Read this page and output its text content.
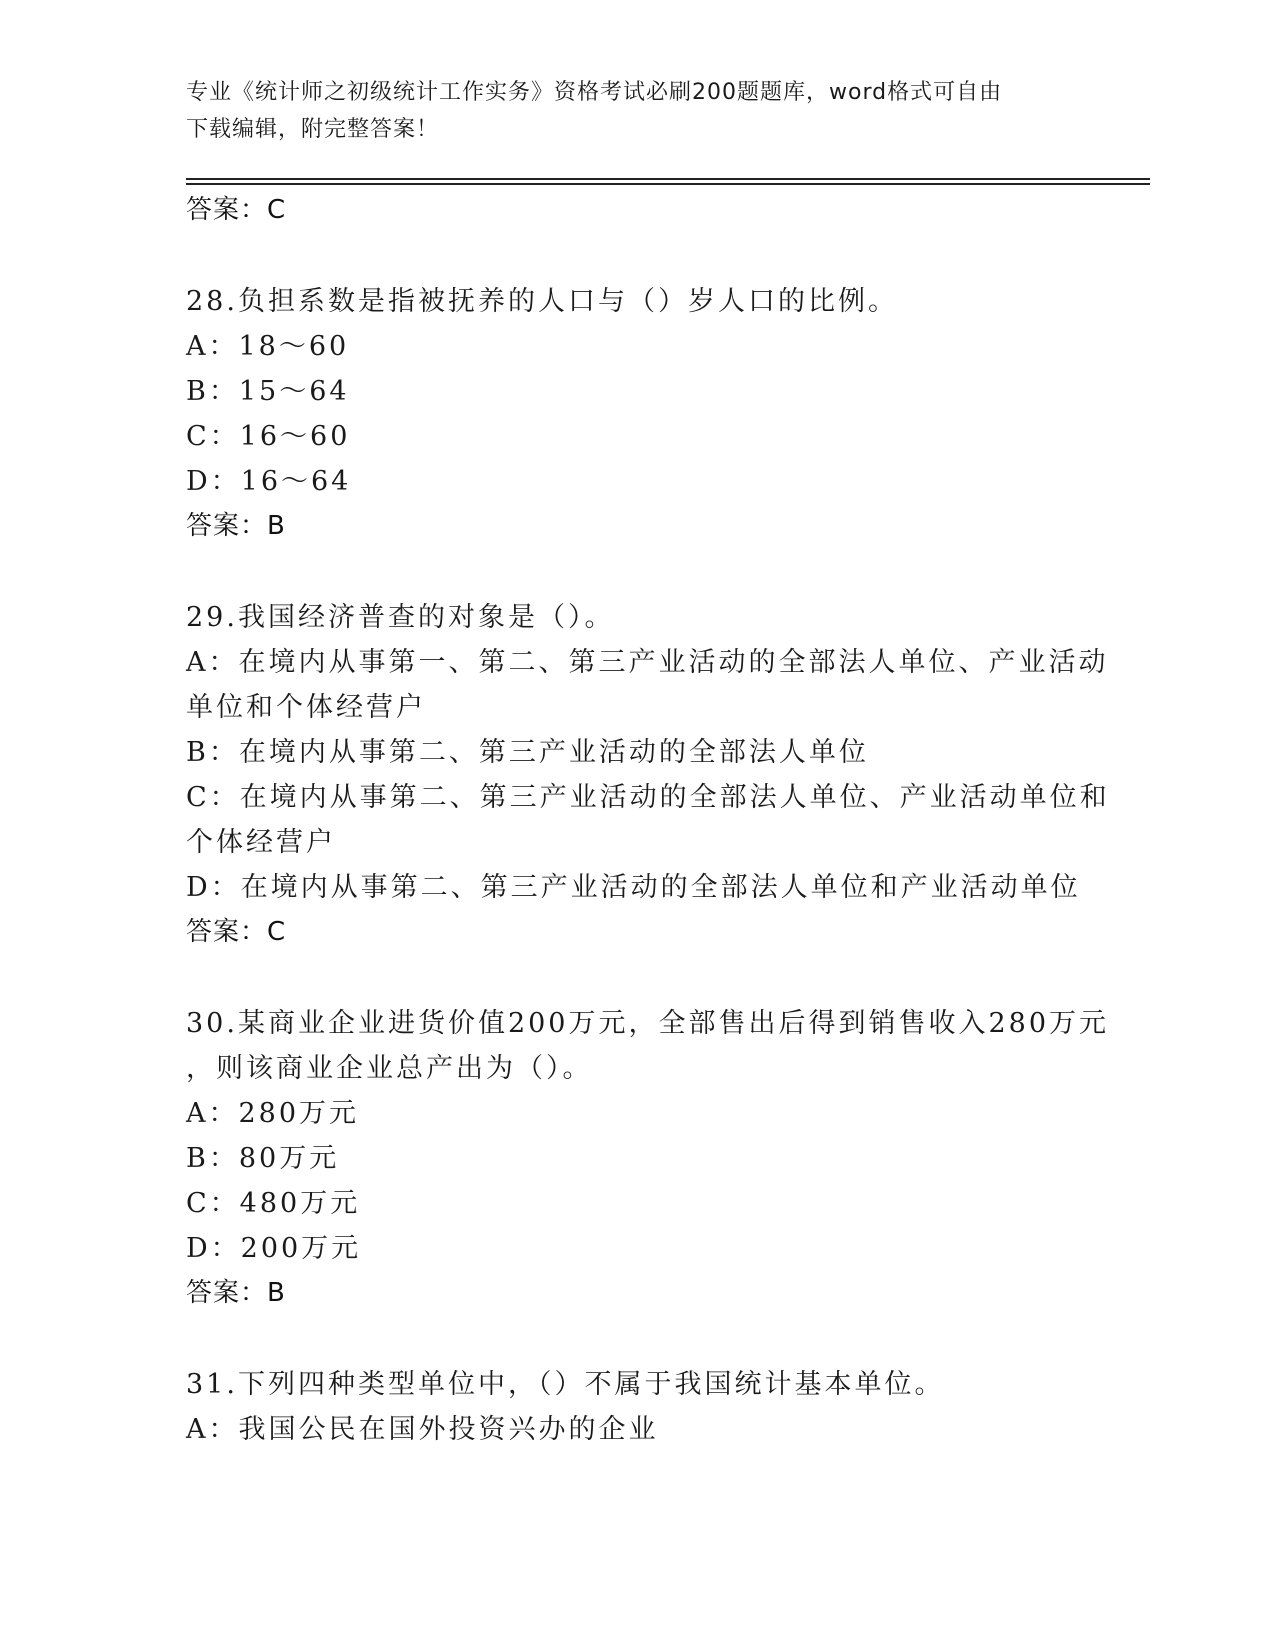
专业《统计师之初级统计工作实务》资格考试必刷200题题库，word格式可自由
下载编辑，附完整答案！
答案：C
28.负担系数是指被抚养的人口与（）岁人口的比例。
A：18～60
B：15～64
C：16～60
D：16～64
答案：B
29.我国经济普查的对象是（）。
A：在境内从事第一、第二、第三产业活动的全部法人单位、产业活动
单位和个体经营户
B：在境内从事第二、第三产业活动的全部法人单位
C：在境内从事第二、第三产业活动的全部法人单位、产业活动单位和
个体经营户
D：在境内从事第二、第三产业活动的全部法人单位和产业活动单位
答案：C
30.某商业企业进货价值200万元，全部售出后得到销售收入280万元
，则该商业企业总产出为（）。
A：280万元
B：80万元
C：480万元
D：200万元
答案：B
31.下列四种类型单位中，（）不属于我国统计基本单位。
A：我国公民在国外投资兴办的企业
